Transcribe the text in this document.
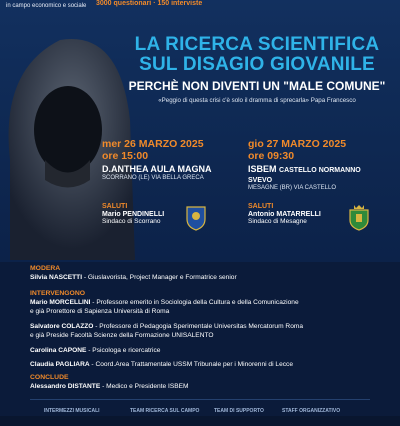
in campo economico e sociale 3000 questionari · 150 interviste
LA RICERCA SCIENTIFICA
SUL DISAGIO GIOVANILE
PERCHÈ NON DIVENTI UN "MALE COMUNE"
«Peggio di questa crisi c'è solo il dramma di sprecarla» Papa Francesco
mer 26 MARZO 2025
ore 15:00
D.ANTHEA AULA MAGNA
SCORRANO (LE) VIA BELLA GRECA
gio 27 MARZO 2025
ore 09:30
ISBEM CASTELLO NORMANNO SVEVO
MESAGNE (BR) VIA CASTELLO
SALUTI
Mario PENDINELLI
Sindaco di Scorrano
SALUTI
Antonio MATARRELLI
Sindaco di Mesagne
MODERA
Silvia NASCETTI - Giuslavorista, Project Manager e Formatrice senior
INTERVENGONO
Mario MORCELLINI - Professore emerito in Sociologia della Cultura e della Comunicazione
e già Prorettore di Sapienza Università di Roma
Salvatore COLAZZO - Professore di Pedagogia Sperimentale Universitas Mercatorum Roma
e già Preside Facoltà Scienze della Formazione UNISALENTO
Carolina CAPONE - Psicologa e ricercatrice
Claudia PAGLIARA - Coord.Area Trattamentale USSM Tribunale per i Minorenni di Lecce
CONCLUDE
Alessandro DISTANTE - Medico e Presidente ISBEM
INTERMEZZI MUSICALI	TEAM RICERCA SUL CAMPO	TEAM DI SUPPORTO	STAFF ORGANIZZATIVO
